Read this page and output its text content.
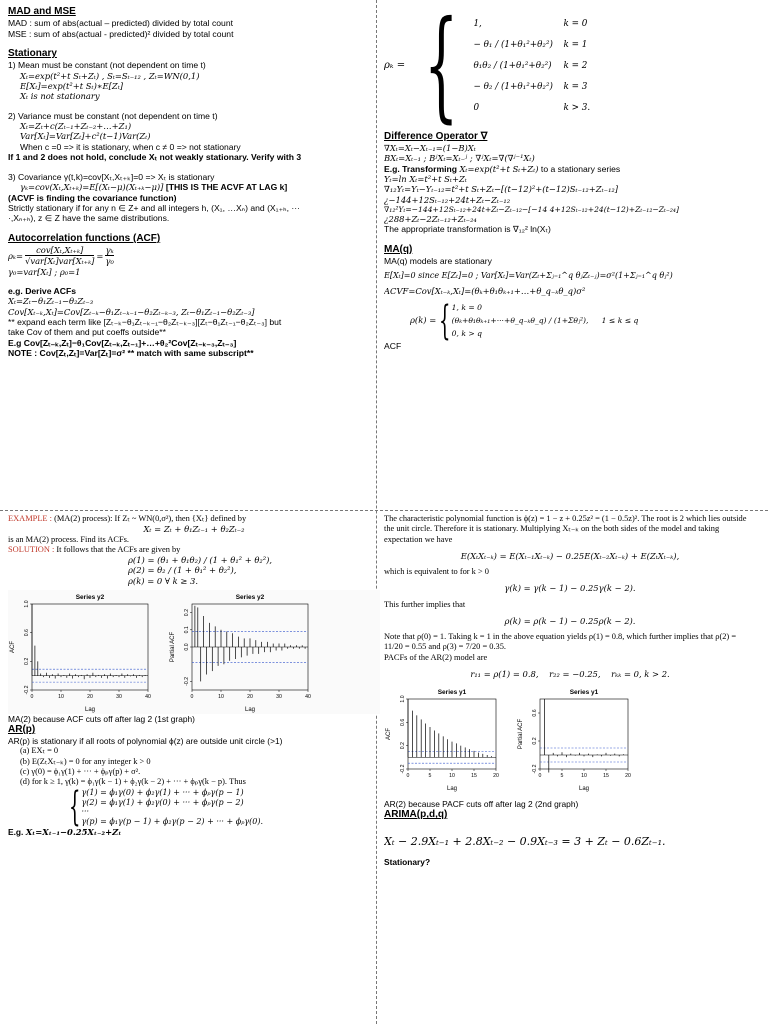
MAD and MSE

MAD : sum of abs(actual – predicted) divided by total count

MSE : sum of abs(actual - predicted)² divided by total count

Stationary

1) Mean must be constant (not dependent on time t)

Xₜ=exp(t²+t Sₜ+Zₜ) , Sₜ=Sₜ₋₁₂ , Zₜ=WN(0,1)
E[Xₜ]=exp(t²+t Sₜ)∗E[Zₜ]
Xₜ is not stationary

2) Variance must be constant (not dependent on time t)

Xₜ=Zₜ+c(Zₜ₋₁+Zₜ₋₂+…+Z₁)
Var[Xₜ]=Var[Zₜ]+c²(t−1)Var(Zₜ)

When c =0 => it is stationary, when c ≠ 0 => not stationary

If 1 and 2 does not hold, conclude Xₜ not weakly stationary. Verify with 3

3) Covariance γ(t,k)=cov[Xₜ,Xₜ₊ₖ]=0 => Xₜ is stationary

γₖ=cov(Xₜ,Xₜ₊ₖ)=E[(Xₜ−μ)(Xₜ₊ₖ−μ)] [THIS IS THE ACVF AT LAG k]

(ACVF is finding the covariance function)

Strictly stationary if for any n ∈ Z+ and all integers h, (X₁, …Xₙ) and (X₁₊ₕ, ···

·,Xₙ₊ₕ), z ∈ Z have the same distributions.

Autocorrelation functions (ACF)

ρₖ=
cov[Xₜ,Xₜ₊ₖ]
√var[Xₜ]var[Xₜ₊ₖ]
=
γₖ
γ₀
γ₀=var[Xₜ] ; ρ₀=1

e.g. Derive ACFs

Xₜ=Zₜ−θ₁Zₜ₋₁−θ₂Zₜ₋₃
Cov[Xₜ₋ₖ,Xₜ]=Cov[Zₜ₋ₖ−θ₁Zₜ₋ₖ₋₁−θ₂Zₜ₋ₖ₋₃, Zₜ−θ₁Zₜ₋₁−θ₂Zₜ₋₃]

** expand each term like [Zₜ₋ₖ−θ₁Zₜ₋ₖ₋₁−θ₂Zₜ₋ₖ₋₃][Zₜ−θ₁Zₜ₋₁−θ₂Zₜ₋₃] but

take Cov of them and put coeffs outside**

E.g Cov[Zₜ₋ₖ,Zₜ]−θ₁Cov[Zₜ₋ₖ,Zₜ₋₁]+…+θ₂²Cov[Zₜ₋ₖ₋₃,Zₜ₋₃]

NOTE : Cov[Zₜ,Zₜ]=Var[Zₜ]=σ² ** match with same subscript**

ρₖ = { 1,	k = 0
− θ₁ / (1+θ₁²+θ₂²)	k = 1
θ₁θ₂ / (1+θ₁²+θ₂²)	k = 2
− θ₂ / (1+θ₁²+θ₂²)	k = 3
0	k > 3.

Difference Operator ∇

∇Xₜ=Xₜ−Xₜ₋₁=(1−B)Xₜ
BXₜ=Xₜ₋₁ ; BʲXₜ=Xₜ₋ʲ ; ∇ʲXₜ=∇(∇ʲ⁻¹Xₜ)
E.g. Transforming Xₜ=exp(t²+t Sₜ+Zₜ) to a stationary series
Yₜ=ln Xₜ=t²+t Sₜ+Zₜ
∇₁₂Yₜ=Yₜ−Yₜ₋₁₂=t²+t Sₜ+Zₜ−[(t−12)²+(t−12)Sₜ₋₁₂+Zₜ₋₁₂]
¿−144+12Sₜ₋₁₂+24t+Zₜ−Zₜ₋₁₂
∇₁₂²Yₜ=−144+12Sₜ₋₁₂+24t+Zₜ−Zₜ₋₁₂−[−14 4+12Sₜ₋₁₂+24(t−12)+Zₜ₋₁₂−Zₜ₋₂₄]
¿288+Zₜ−2Zₜ₋₁₂+Zₜ₋₂₄

The appropriate transformation is ∇₁₂² ln(Xₜ)

MA(q)

MA(q) models are stationary

E[Xₜ]=0 since E[Zₜ]=0 ; Var[Xₜ]=Var(Zₜ+Σⱼ₌₁^q θⱼZₜ₋ⱼ)=σ²(1+Σⱼ₌₁^q θⱼ²)
ACVF=Cov[Xₜ₋ₖ,Xₜ]=(θₖ+θ₁θₖ₊₁+…+θ_q₋ₖθ_q)σ²
ρ(k) = { 1, k = 0
(θₖ+θ₁θₖ₊₁+···+θ_q₋ₖθ_q) / (1+Σθⱼ²),	1 ≤ k ≤ q
0, k > q

ACF

EXAMPLE : (MA(2) process): If Zₜ ~ WN(0,σ²), then {Xₜ} defined by

Xₜ = Zₜ + θ₁Zₜ₋₁ + θ₂Zₜ₋₂

is an MA(2) process. Find its ACFs.

SOLUTION : It follows that the ACFs are given by

ρ(1) = (θ₁ + θ₁θ₂) / (1 + θ₁² + θ₂²),
ρ(2) = θ₂ / (1 + θ₁² + θ₂²),
ρ(k) = 0 ∀ k ≥ 3.
Series y2
0	10	20	30	40
-0.2
0.2
0.6
1.0
Lag
ACF
Series y2
0	10	20	30	40
-0.2
0.0
0.1
0.2
Lag
Partial ACF

MA(2) because ACF cuts off after lag 2 (1st graph)

AR(p)

AR(p) is stationary if all roots of polynomial ϕ(z) are outside unit circle (>1)

(a) EXₜ = 0

(b) E(ZₜXₜ₋ₖ) = 0 for any integer k > 0

(c) γ(0) = ϕ₁γ(1) + ··· + ϕₚγ(p) + σ².

(d) for k ≥ 1, γ(k) = ϕ₁γ(k − 1) + ϕ₂γ(k − 2) + ··· + ϕₚγ(k − p). Thus

{ γ(1) = ϕ₁γ(0) + ϕ₂γ(1) + ··· + ϕₚγ(p − 1)
γ(2) = ϕ₁γ(1) + ϕ₂γ(0) + ··· + ϕₚγ(p − 2)
···
γ(p) = ϕ₁γ(p − 1) + ϕ₂γ(p − 2) + ··· + ϕₚγ(0).

E.g. Xₜ=Xₜ₋₁−0.25Xₜ₋₂+Zₜ

The characteristic polynomial function is ϕ(z) = 1 − z + 0.25z² = (1 − 0.5z)². The root is 2 which lies outside the unit circle. Therefore it is stationary. Multiplying Xₜ₋ₖ on the both sides of the model and taking expectation we have

E(XₜXₜ₋ₖ) = E(Xₜ₋₁Xₜ₋ₖ) − 0.25E(Xₜ₋₂Xₜ₋ₖ) + E(ZₜXₜ₋ₖ),

which is equivalent to for k > 0

γ(k) = γ(k − 1) − 0.25γ(k − 2).

This further implies that

ρ(k) = ρ(k − 1) − 0.25ρ(k − 2).

Note that ρ(0) = 1. Taking k = 1 in the above equation yields ρ(1) = 0.8, which further implies that ρ(2) = 11/20 = 0.55 and ρ(3) = 7/20 = 0.35.

PACFs of the AR(2) model are

r₁₁ = ρ(1) = 0.8,    r₂₂ = −0.25,    rₖₖ = 0, k > 2.
Series y1
0	5	10	15	20
-0.2
0.2
0.6
1.0
Lag
ACF
Series y1
0	5	10	15	20
-0.2
0.2
0.6
Lag
Partial ACF

AR(2) because PACF cuts off after lag 2 (2nd graph)

ARIMA(p,d,q)

Xₜ − 2.9Xₜ₋₁ + 2.8Xₜ₋₂ − 0.9Xₜ₋₃ = 3 + Zₜ − 0.6Zₜ₋₁.

Stationary?
